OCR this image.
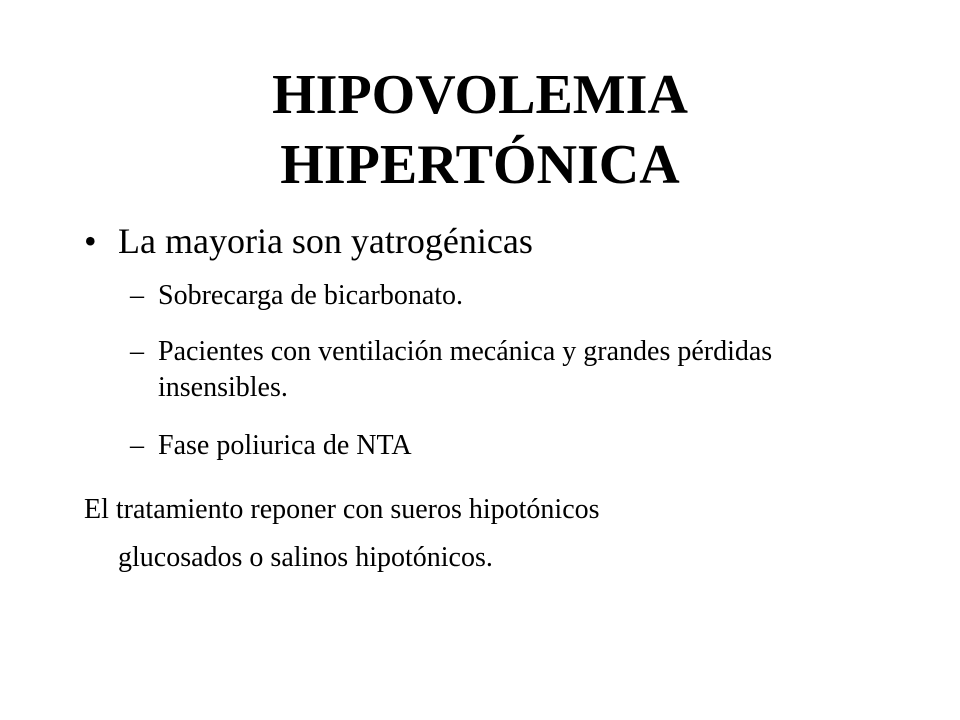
HIPOVOLEMIA
HIPERTÓNICA
• La mayoria son yatrogénicas
– Sobrecarga de bicarbonato.
– Pacientes con ventilación mecánica y grandes pérdidas insensibles.
– Fase poliurica de NTA
El tratamiento reponer con sueros hipotónicos
glucosados o salinos hipotónicos.
